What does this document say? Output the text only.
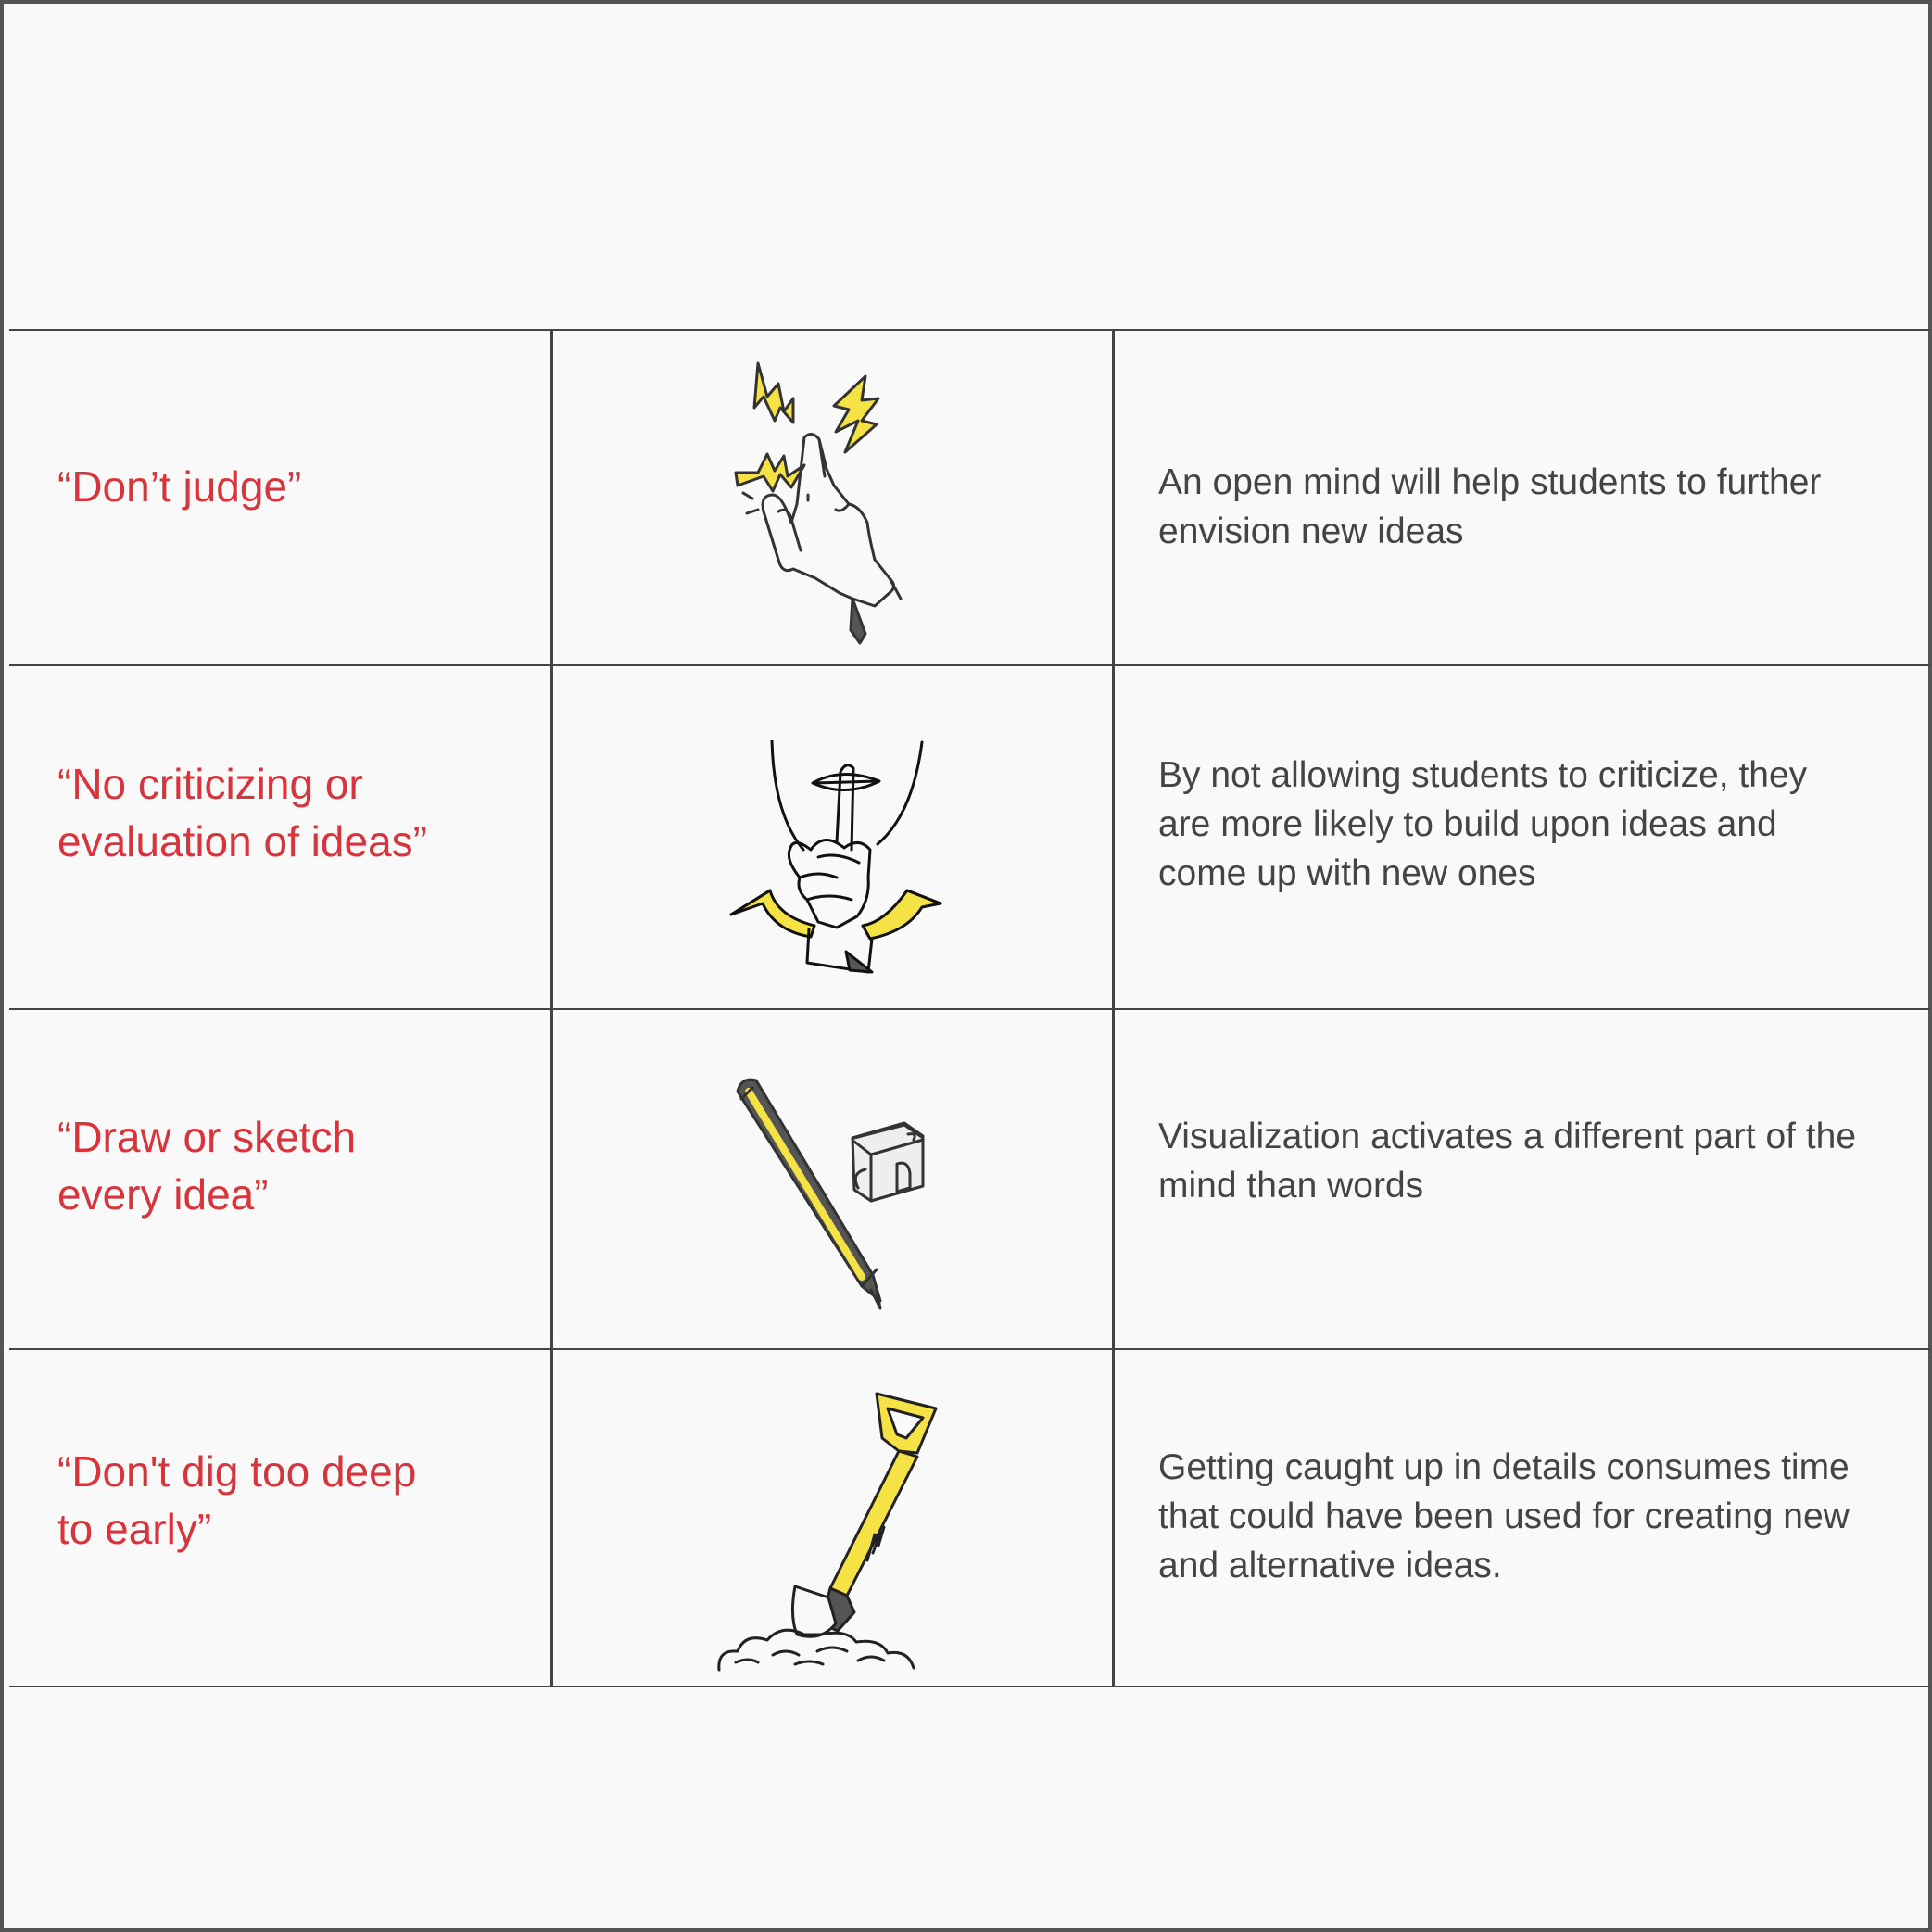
“Don’t judge”	An open mind will help students to further
envision new ideas
“No criticizing or
evaluation of ideas”
By not allowing students to criticize, they
are more likely to build upon ideas and
come up with new ones
“Draw or sketch
every idea”
Visualization activates a different part of the
mind than words
“Don't dig too deep
to early”
Getting caught up in details consumes time
that could have been used for creating new
and alternative ideas.
